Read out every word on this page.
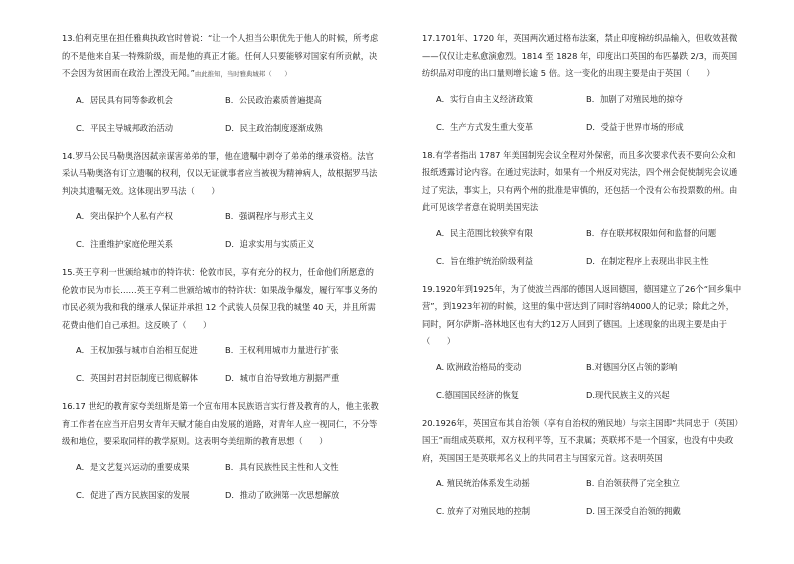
13.伯利克里在担任雅典执政官时曾说：“让一个人担当公职优先于他人的时候，所考虑的不是他来自某一特殊阶级，而是他的真正才能。任何人只要能够对国家有所贡献，决不会因为贫困而在政治上湮没无闻。”由此推知，当时雅典城邦（　　）

A．居民具有同等参政机会	B．公民政治素质普遍提高
C．平民主导城邦政治活动	D．民主政治制度逐渐成熟

14.罗马公民马勒奥洛因弑亲谋害弟弟的罪，他在遗嘱中剥夺了弟弟的继承资格。法官采认马勒奥洛有订立遗嘱的权利，仅以无证就事者应当被视为精神病人，故根据罗马法判决其遗嘱无效。这体现出罗马法（　　）

A．突出保护个人私有产权	B．强调程序与形式主义
C．注重维护家庭伦理关系	D．追求实用与实质正义

15.英王亨利一世颁给城市的特许状：伦敦市民，享有充分的权力，任命他们所愿意的伦敦市民为市长……英王亨利二世颁给城市的特许状：如果战争爆发，履行军事义务的市民必须为我和我的继承人保证并承担 12 个武装人员保卫我的城堡 40 天，并且所需花费由他们自己承担。这反映了（　　）

A．王权加强与城市自治相互促进	B．王权利用城市力量进行扩张
C．英国封君封臣制度已彻底解体	D．城市自治导致地方割据严重

16.17 世纪的教育家夸美纽斯是第一个宣布用本民族语言实行普及教育的人，他主张教育工作者在应当开启男女青年天赋才能自由发展的道路，对青年人应一视同仁，不分等级和地位，要采取同样的教学原则。这表明夸美纽斯的教育思想（　　）

A．是文艺复兴运动的重要成果	B．具有民族性民主性和人文性
C．促进了西方民族国家的发展	D．推动了欧洲第一次思想解放

17.1701年、1720 年，英国两次通过格布法案，禁止印度棉纺织品输入，但收效甚微——仅仅让走私愈演愈烈。1814 至 1828 年，印度出口英国的布匹暴跌 2/3，而英国纺织品对印度的出口量则增长逾 5 倍。这一变化的出现主要是由于英国（　　）

A．实行自由主义经济政策	B．加剧了对殖民地的掠夺
C．生产方式发生重大变革	D．受益于世界市场的形成

18.有学者指出 1787 年美国制宪会议全程对外保密，而且多次要求代表不要向公众和报纸透露讨论内容。在通过宪法时，如果有一个州反对宪法，四个州会促使制宪会议通过了宪法，事实上，只有两个州的批准是审慎的，还包括一个没有公布投票数的州。由此可见该学者意在说明美国宪法

A．民主范围比较狭窄有限	B．存在联邦权限如何和监督的问题
C．旨在维护统治阶级利益	D．在制定程序上表现出非民主性

19.1920年到1925年，为了使波兰西部的德国人返回德国，德国建立了26个“回乡集中营”，到1923年初的时候，这里的集中营达到了同时容纳4000人的记录；除此之外，同时，阿尔萨斯–洛林地区也有大约12万人回到了德国。上述现象的出现主要是由于（　　）

A. 欧洲政治格局的变动	B.对德国分区占领的影响
C.德国国民经济的恢复	D.现代民族主义的兴起

20.1926年，英国宣布其自治领（享有自治权的殖民地）与宗主国即“共同忠于（英国）国王”而组成英联邦，双方权利平等，互不隶属；英联邦不是一个国家，也没有中央政府，英国国王是英联邦名义上的共同君主与国家元首。这表明英国

A. 殖民统治体系发生动摇	B. 自治领获得了完全独立
C. 放弃了对殖民地的控制	D. 国王深受自治领的拥戴
